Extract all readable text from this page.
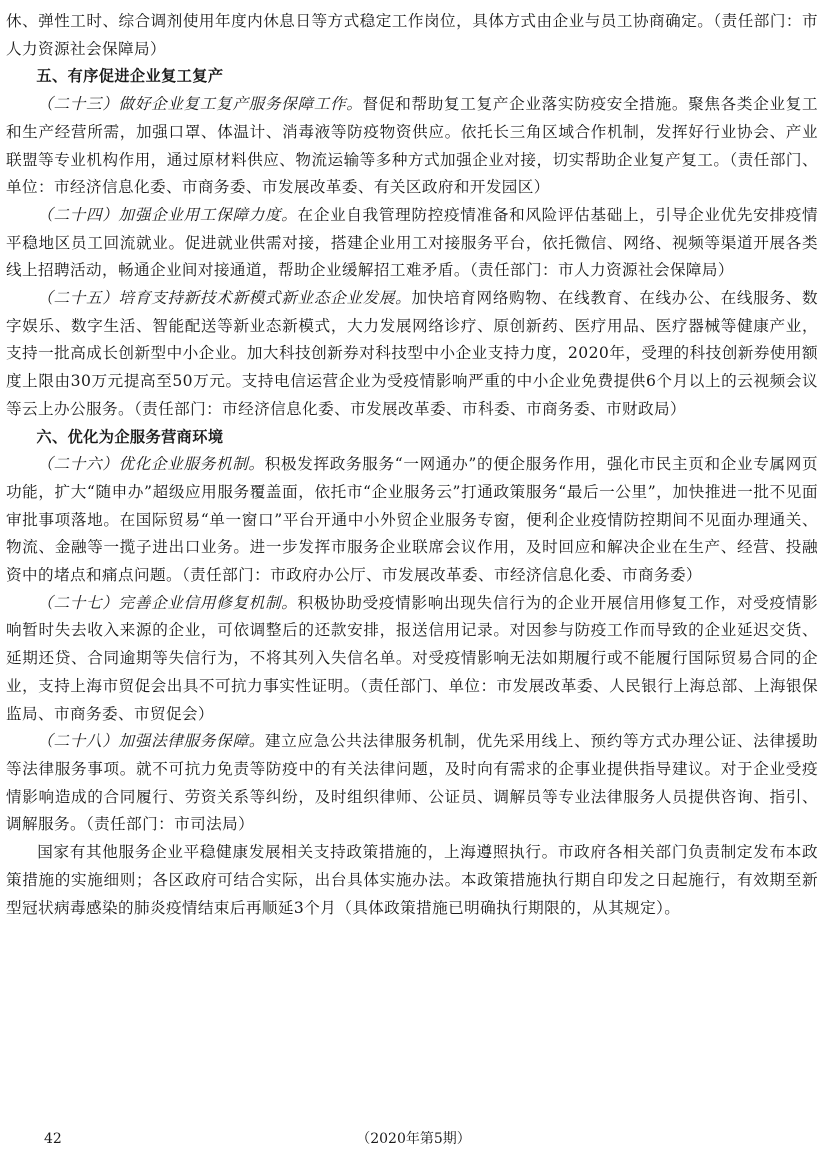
休、弹性工时、综合调剂使用年度内休息日等方式稳定工作岗位，具体方式由企业与员工协商确定。（责任部门：市人力资源社会保障局）

五、有序促进企业复工复产

（二十三）做好企业复工复产服务保障工作。督促和帮助复工复产企业落实防疫安全措施。聚焦各类企业复工和生产经营所需，加强口罩、体温计、消毒液等防疫物资供应。依托长三角区域合作机制，发挥好行业协会、产业联盟等专业机构作用，通过原材料供应、物流运输等多种方式加强企业对接，切实帮助企业复产复工。（责任部门、单位：市经济信息化委、市商务委、市发展改革委、有关区政府和开发园区）

（二十四）加强企业用工保障力度。在企业自我管理防控疫情准备和风险评估基础上，引导企业优先安排疫情平稳地区员工回流就业。促进就业供需对接，搭建企业用工对接服务平台，依托微信、网络、视频等渠道开展各类线上招聘活动，畅通企业间对接通道，帮助企业缓解招工难矛盾。（责任部门：市人力资源社会保障局）

（二十五）培育支持新技术新模式新业态企业发展。加快培育网络购物、在线教育、在线办公、在线服务、数字娱乐、数字生活、智能配送等新业态新模式，大力发展网络诊疗、原创新药、医疗用品、医疗器械等健康产业，支持一批高成长创新型中小企业。加大科技创新券对科技型中小企业支持力度，2020年，受理的科技创新券使用额度上限由30万元提高至50万元。支持电信运营企业为受疫情影响严重的中小企业免费提供6个月以上的云视频会议等云上办公服务。（责任部门：市经济信息化委、市发展改革委、市科委、市商务委、市财政局）

六、优化为企服务营商环境

（二十六）优化企业服务机制。积极发挥政务服务“一网通办”的便企服务作用，强化市民主页和企业专属网页功能，扩大“随申办”超级应用服务覆盖面，依托市“企业服务云”打通政策服务“最后一公里”，加快推进一批不见面审批事项落地。在国际贸易“单一窗口”平台开通中小外贸企业服务专窗，便利企业疫情防控期间不见面办理通关、物流、金融等一揽子进出口业务。进一步发挥市服务企业联席会议作用，及时回应和解决企业在生产、经营、投融资中的堵点和痛点问题。（责任部门：市政府办公厅、市发展改革委、市经济信息化委、市商务委）

（二十七）完善企业信用修复机制。积极协助受疫情影响出现失信行为的企业开展信用修复工作，对受疫情影响暂时失去收入来源的企业，可依调整后的还款安排，报送信用记录。对因参与防疫工作而导致的企业延迟交货、延期还贷、合同逾期等失信行为，不将其列入失信名单。对受疫情影响无法如期履行或不能履行国际贸易合同的企业，支持上海市贸促会出具不可抗力事实性证明。（责任部门、单位：市发展改革委、人民银行上海总部、上海银保监局、市商务委、市贸促会）

（二十八）加强法律服务保障。建立应急公共法律服务机制，优先采用线上、预约等方式办理公证、法律援助等法律服务事项。就不可抗力免责等防疫中的有关法律问题，及时向有需求的企事业提供指导建议。对于企业受疫情影响造成的合同履行、劳资关系等纠纷，及时组织律师、公证员、调解员等专业法律服务人员提供咨询、指引、调解服务。（责任部门：市司法局）

国家有其他服务企业平稳健康发展相关支持政策措施的，上海遵照执行。市政府各相关部门负责制定发布本政策措施的实施细则；各区政府可结合实际，出台具体实施办法。本政策措施执行期自印发之日起施行，有效期至新型冠状病毒感染的肺炎疫情结束后再顺延3个月（具体政策措施已明确执行期限的，从其规定）。

42	（2020年第5期）
